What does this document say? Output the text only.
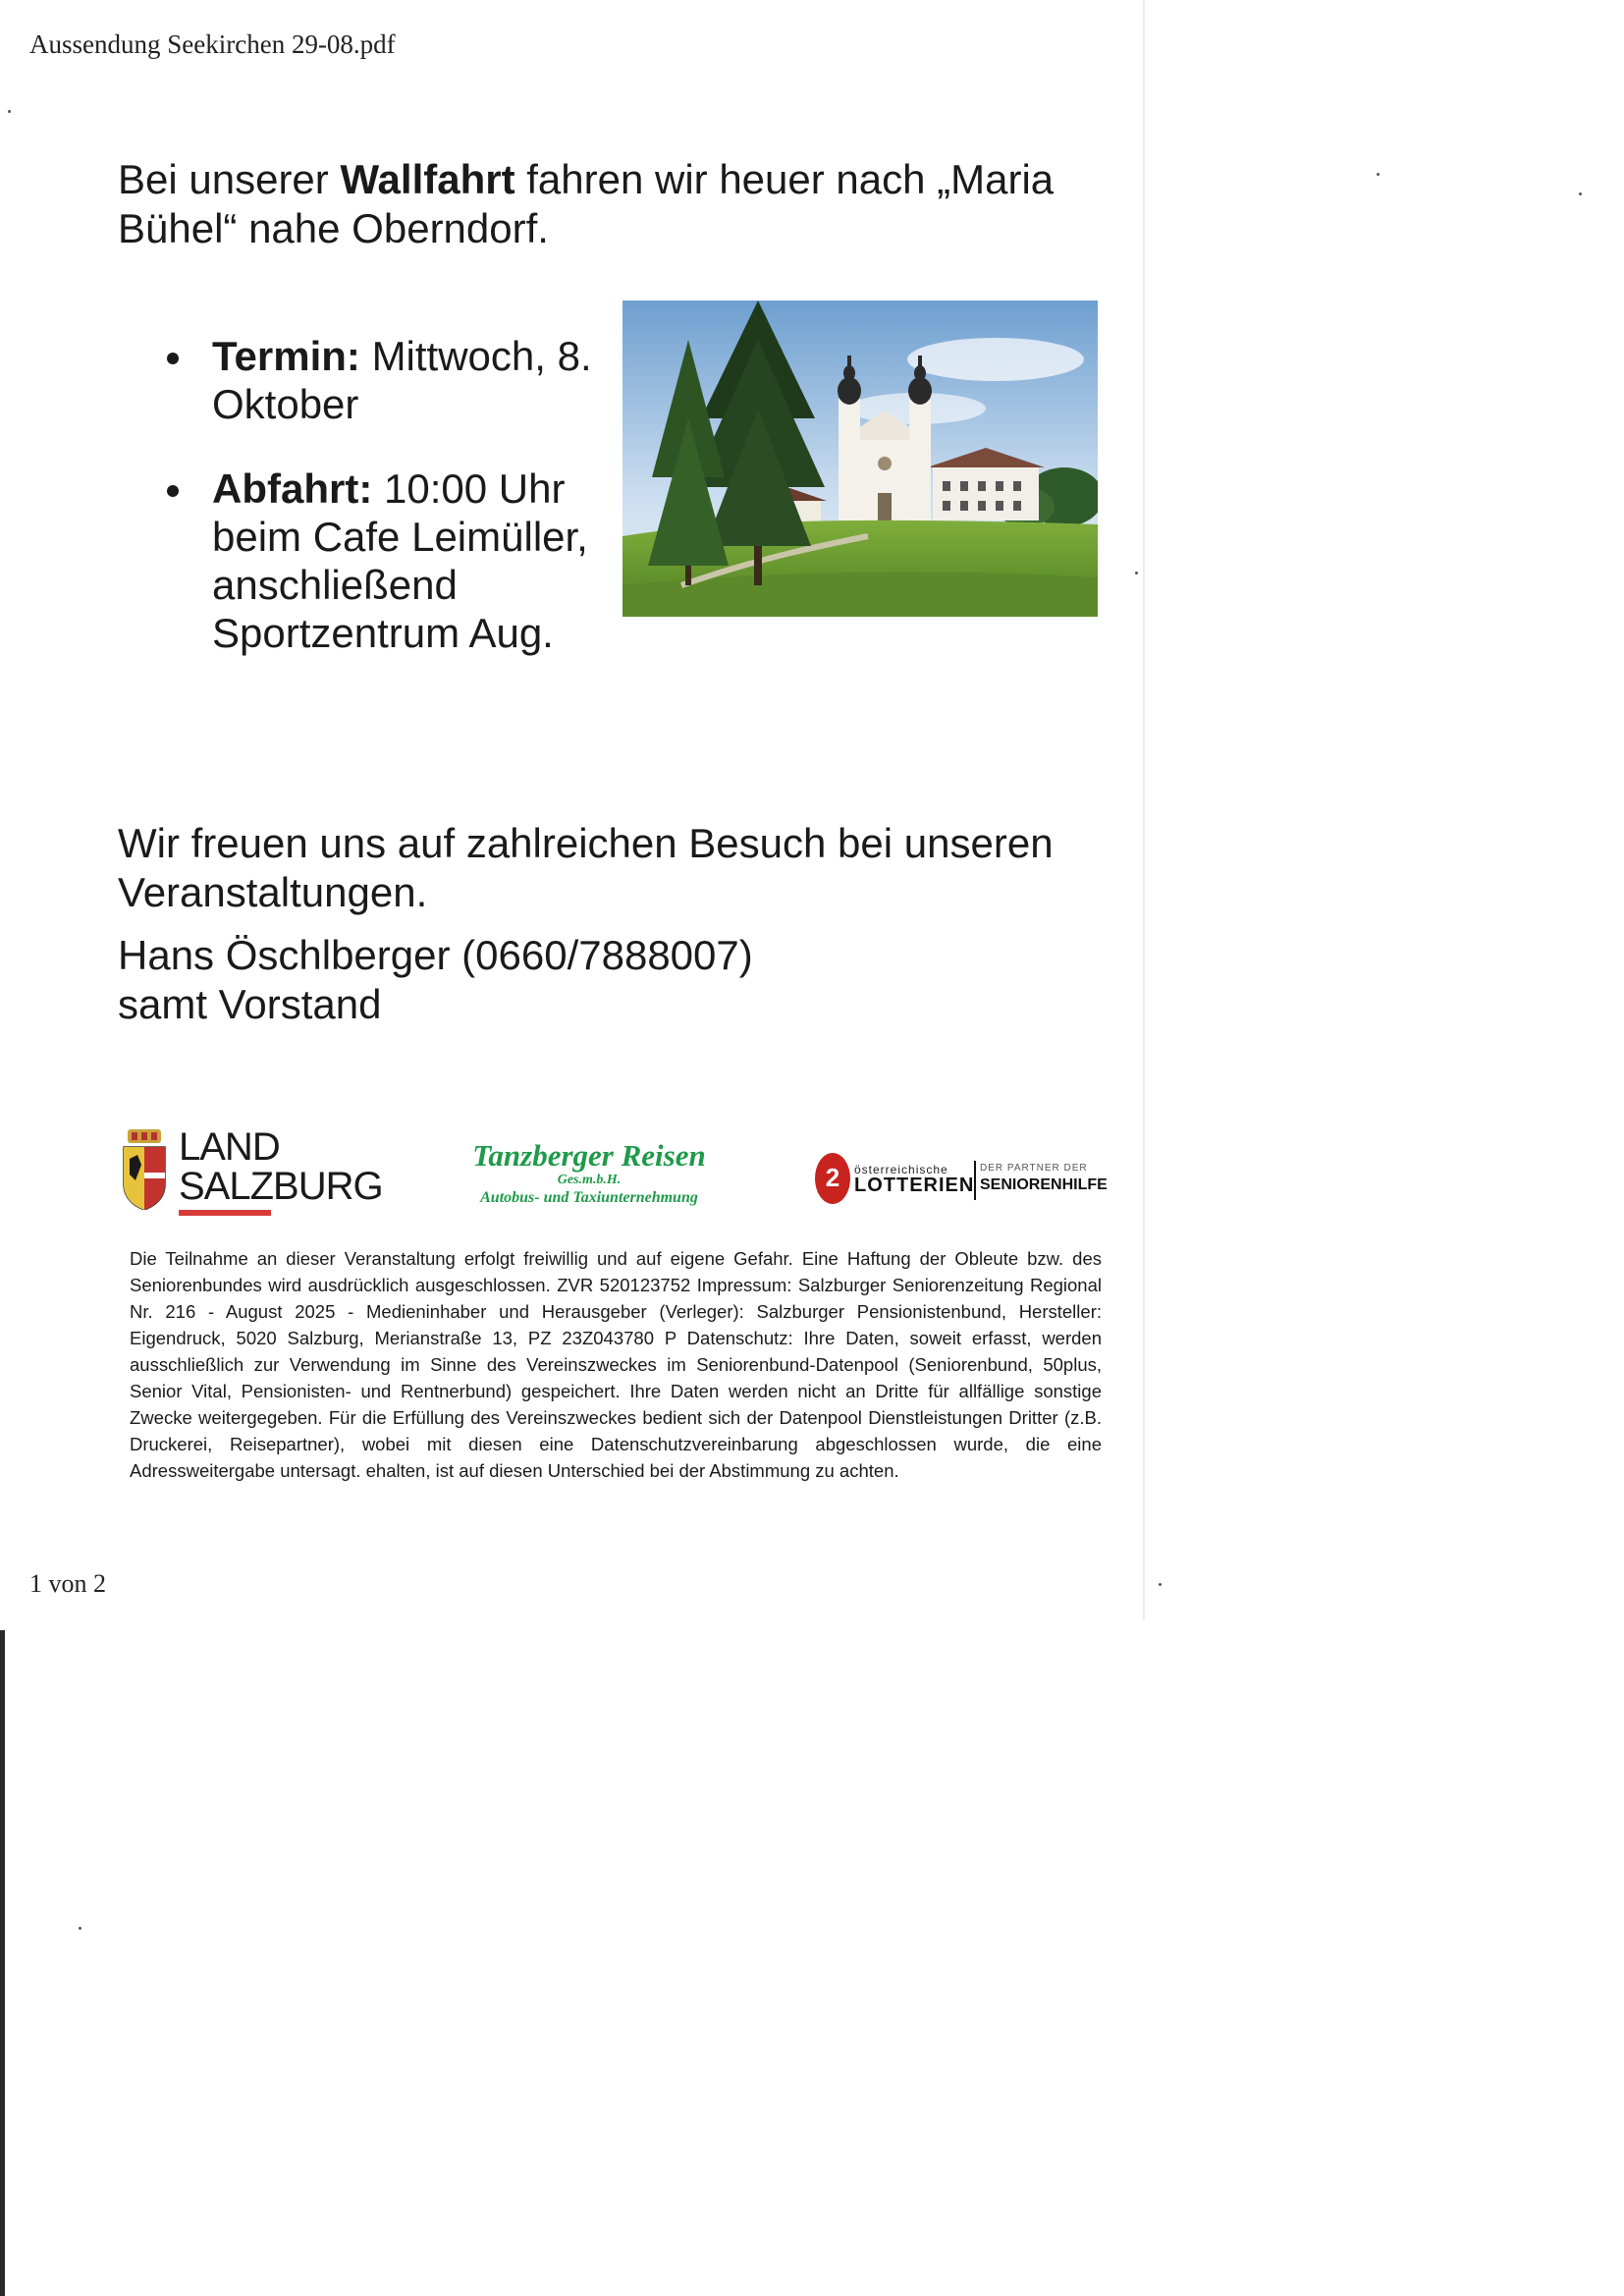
Aussendung Seekirchen 29-08.pdf
Bei unserer Wallfahrt fahren wir heuer nach „Maria Bühel“ nahe Oberndorf.
Termin: Mittwoch, 8. Oktober
Abfahrt: 10:00 Uhr beim Cafe Leimüller, anschließend Sportzentrum Aug.
Wir freuen uns auf zahlreichen Besuch bei unseren Veranstaltungen.
Hans Öschlberger (0660/7888007)
samt Vorstand
LAND
SALZBURG
Tanzberger Reisen
Ges.m.b.H.
Autobus- und Taxiunternehmung
2 österreichische
LOTTERIEN
DER PARTNER DER
SENIORENHILFE
Die Teilnahme an dieser Veranstaltung erfolgt freiwillig und auf eigene Gefahr. Eine Haftung der Obleute bzw. des Seniorenbundes wird ausdrücklich ausgeschlossen. ZVR 520123752 Impressum: Salzburger Seniorenzeitung Regional Nr. 216 - August 2025 - Medieninhaber und Herausgeber (Verleger): Salzburger Pensionistenbund, Hersteller: Eigendruck, 5020 Salzburg, Merianstraße 13, PZ 23Z043780 P Datenschutz: Ihre Daten, soweit erfasst, werden ausschließlich zur Verwendung im Sinne des Vereinszweckes im Seniorenbund-Datenpool (Seniorenbund, 50plus, Senior Vital, Pensionisten- und Rentnerbund) gespeichert. Ihre Daten werden nicht an Dritte für allfällige sonstige Zwecke weitergegeben. Für die Erfüllung des Vereinszweckes bedient sich der Datenpool Dienstleistungen Dritter (z.B. Druckerei, Reisepartner), wobei mit diesen eine Datenschutzvereinbarung abgeschlossen wurde, die eine Adressweitergabe untersagt. ehalten, ist auf diesen Unterschied bei der Abstimmung zu achten.
1 von 2
